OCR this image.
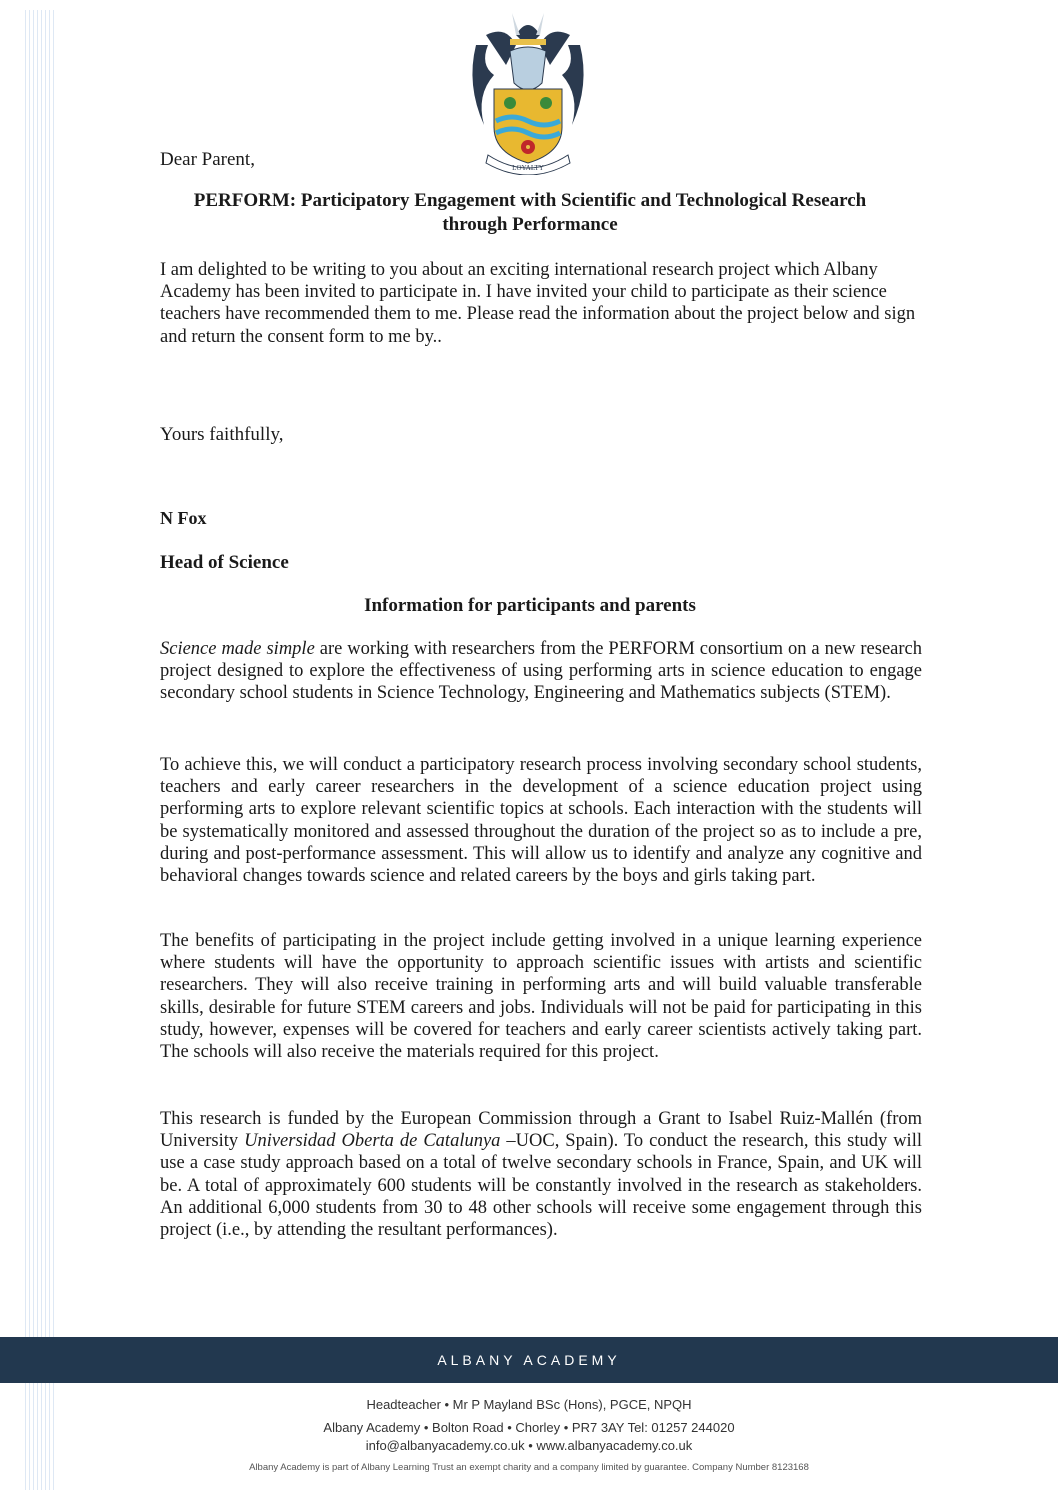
LOYALTY
Dear Parent,
PERFORM: Participatory Engagement with Scientific and Technological Research
through Performance

I am delighted to be writing to you about an exciting international research project which Albany Academy has been invited to participate in. I have invited your child to participate as their science teachers have recommended them to me. Please read the information about the project below and sign and return the consent form to me by..

Yours faithfully,
N Fox
Head of Science
Information for participants and parents

Science made simple are working with researchers from the PERFORM consortium on a new research project designed to explore the effectiveness of using performing arts in science education to engage secondary school students in Science Technology, Engineering and Mathematics subjects (STEM).

To achieve this, we will conduct a participatory research process involving secondary school students, teachers and early career researchers in the development of a science education project using performing arts to explore relevant scientific topics at schools. Each interaction with the students will be systematically monitored and assessed throughout the duration of the project so as to include a pre, during and post-performance assessment. This will allow us to identify and analyze any cognitive and behavioral changes towards science and related careers by the boys and girls taking part.

The benefits of participating in the project include getting involved in a unique learning experience where students will have the opportunity to approach scientific issues with artists and scientific researchers. They will also receive training in performing arts and will build valuable transferable skills, desirable for future STEM careers and jobs. Individuals will not be paid for participating in this study, however, expenses will be covered for teachers and early career scientists actively taking part. The schools will also receive the materials required for this project.

This research is funded by the European Commission through a Grant to Isabel Ruiz-Mallén (from University Universidad Oberta de Catalunya –UOC, Spain). To conduct the research, this study will use a case study approach based on a total of twelve secondary schools in France, Spain, and UK will be. A total of approximately 600 students will be constantly involved in the research as stakeholders. An additional 6,000 students from 30 to 48 other schools will receive some engagement through this project (i.e., by attending the resultant performances).

ALBANY ACADEMY
Headteacher • Mr P Mayland BSc (Hons), PGCE, NPQH
Albany Academy • Bolton Road • Chorley • PR7 3AY Tel: 01257 244020
info@albanyacademy.co.uk • www.albanyacademy.co.uk
Albany Academy is part of Albany Learning Trust an exempt charity and a company limited by guarantee. Company Number 8123168
